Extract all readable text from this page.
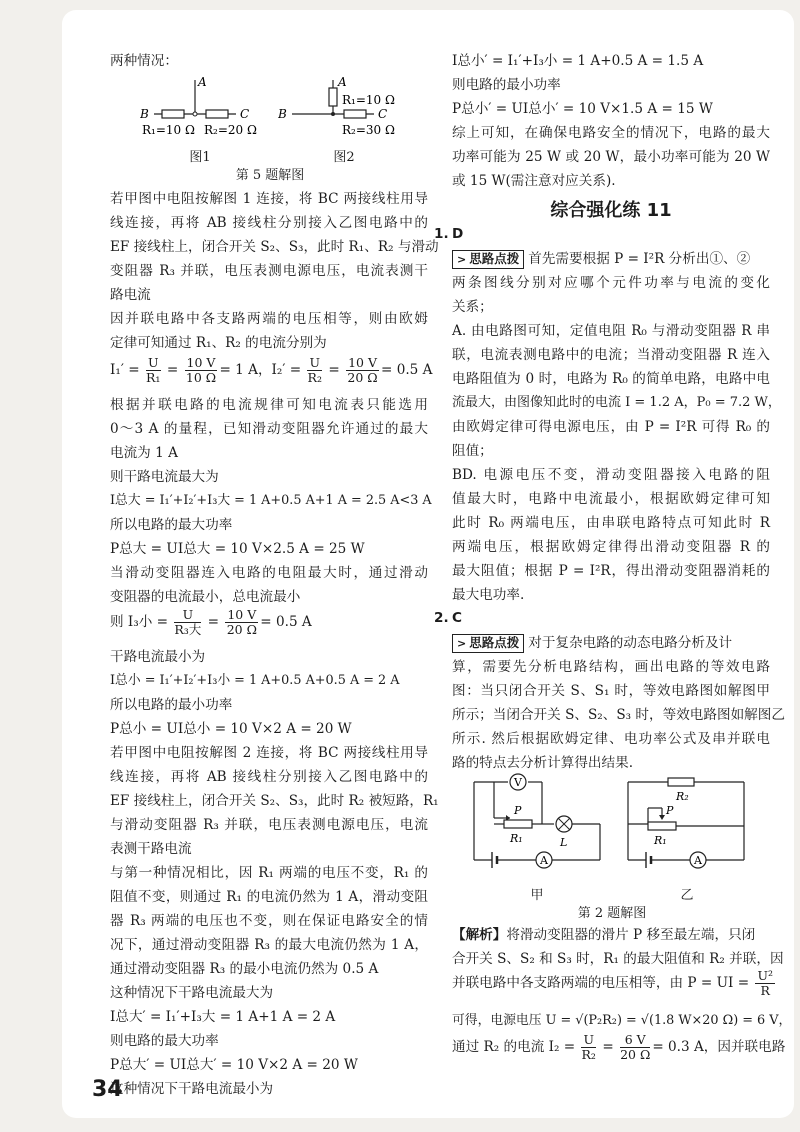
两种情况：
A
B	C
R₁=10 Ω R₂=20 Ω
图1
A
R₁=10 Ω
B	C
R₂=30 Ω
图2
第 5 题解图
若甲图中电阻按解图 1 连接，将 BC 两接线柱用导
线连接，再将 AB 接线柱分别接入乙图电路中的
EF 接线柱上，闭合开关 S₂、S₃，此时 R₁、R₂ 与滑动
变阻器 R₃ 并联，电压表测电源电压，电流表测干
路电流
因并联电路中各支路两端的电压相等，则由欧姆
定律可知通过 R₁、R₂ 的电流分别为
$I_1' = \frac{U}{\text{R₁}} = \frac{10 V}{10 \Omega} = 1$ A，$I_2' = \frac{U}{\text{R₂}} = \frac{10 V}{20 \Omega} = 0.5$ A
根据并联电路的电流规律可知电流表只能选用
0～3 A 的量程，已知滑动变阻器允许通过的最大
电流为 1 A
则干路电流最大为
I总大 = I₁′+I₂′+I₃大 = 1 A+0.5 A+1 A = 2.5 A<3 A
所以电路的最大功率
P总大 = UI总大 = 10 V×2.5 A = 25 W
当滑动变阻器连入电路的电阻最大时，通过滑动
变阻器的电流最小，总电流最小
则 I₃小 = $\frac{U}{\text{R₃大}} = \frac{10 V}{20 \Omega} = 0.5$ A
干路电流最小为
I总小 = I₁′+I₂′+I₃小 = 1 A+0.5 A+0.5 A = 2 A
所以电路的最小功率
P总小 = UI总小 = 10 V×2 A = 20 W
若甲图中电阻按解图 2 连接，将 BC 两接线柱用导
线连接，再将 AB 接线柱分别接入乙图电路中的
EF 接线柱上，闭合开关 S₂、S₃，此时 R₂ 被短路，R₁
与滑动变阻器 R₃ 并联，电压表测电源电压，电流
表测干路电流
与第一种情况相比，因 R₁ 两端的电压不变，R₁ 的
阻值不变，则通过 R₁ 的电流仍然为 1 A，滑动变阻
器 R₃ 两端的电压也不变，则在保证电路安全的情
况下，通过滑动变阻器 R₃ 的最大电流仍然为 1 A，
通过滑动变阻器 R₃ 的最小电流仍然为 0.5 A
这种情况下干路电流最大为
I总大′ = I₁′+I₃大 = 1 A+1 A = 2 A
则电路的最大功率
P总大′ = UI总大′ = 10 V×2 A = 20 W
这种情况下干路电流最小为
I总小′ = I₁′+I₃小 = 1 A+0.5 A = 1.5 A
则电路的最小功率
P总小′ = UI总小′ = 10 V×1.5 A = 15 W
综上可知，在确保电路安全的情况下，电路的最大
功率可能为 25 W 或 20 W，最小功率可能为 20 W
或 15 W(需注意对应关系).
综合强化练 11
1. D
> 思路点拨 首先需要根据 P = I²R 分析出①、②
两条图线分别对应哪个元件功率与电流的变化
关系；
A. 由电路图可知，定值电阻 R₀ 与滑动变阻器 R 串
联，电流表测电路中的电流；当滑动变阻器 R 连入
电路阻值为 0 时，电路为 R₀ 的简单电路，电路中电
流最大，由图像知此时的电流 I = 1.2 A，P₀ = 7.2 W，
由欧姆定律可得电源电压，由 P = I²R 可得 R₀ 的
阻值；
BD. 电源电压不变，滑动变阻器接入电路的阻
值最大时，电路中电流最小，根据欧姆定律可知
此时 R₀ 两端电压，由串联电路特点可知此时 R
两端电压，根据欧姆定律得出滑动变阻器 R 的
最大阻值；根据 P = I²R，得出滑动变阻器消耗的
最大电功率.
2. C
> 思路点拨 对于复杂电路的动态电路分析及计
算，需要先分析电路结构，画出电路的等效电路
图：当只闭合开关 S、S₁ 时，等效电路图如解图甲
所示；当闭合开关 S、S₂、S₃ 时，等效电路图如解图乙
所示. 然后根据欧姆定律、电功率公式及串并联电
路的特点去分析计算得出结果.
V
P
R₁	L
A
甲
R₂
P
R₁
A
乙
第 2 题解图
【解析】将滑动变阻器的滑片 P 移至最左端，只闭
合开关 S、S₂ 和 S₃ 时，R₁ 的最大阻值和 R₂ 并联，因
并联电路中各支路两端的电压相等，由 P = UI = $\frac{\text{U²}}{R}$
可得，电源电压 U = √(P₂R₂) = √(1.8 W×20 Ω) = 6 V，
通过 R₂ 的电流 $I_2 = \frac{U}{\text{R₂}} = \frac{6 V}{20 \Omega} = 0.3$ A，因并联电路
34
